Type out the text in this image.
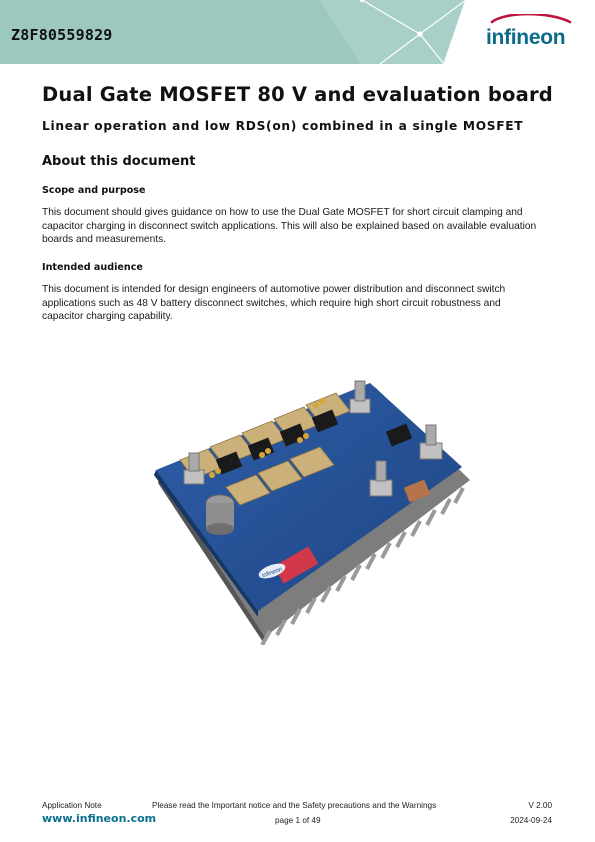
Z8F80559829	infineon
Dual Gate MOSFET 80 V and evaluation board
Linear operation and low RDS(on) combined in a single MOSFET
About this document
Scope and purpose
This document should gives guidance on how to use the Dual Gate MOSFET for short circuit clamping and
capacitor charging in disconnect switch applications. This will also be explained based on available evaluation
boards and measurements.
Intended audience
This document is intended for design engineers of automotive power distribution and disconnect switch
applications such as 48 V battery disconnect switches, which require high short circuit robustness and
capacitor charging capability.
infineon
Application Note	Please read the Important notice and the Safety precautions and the Warnings	V 2.00
www.infineon.com	page 1 of 49	2024-09-24
